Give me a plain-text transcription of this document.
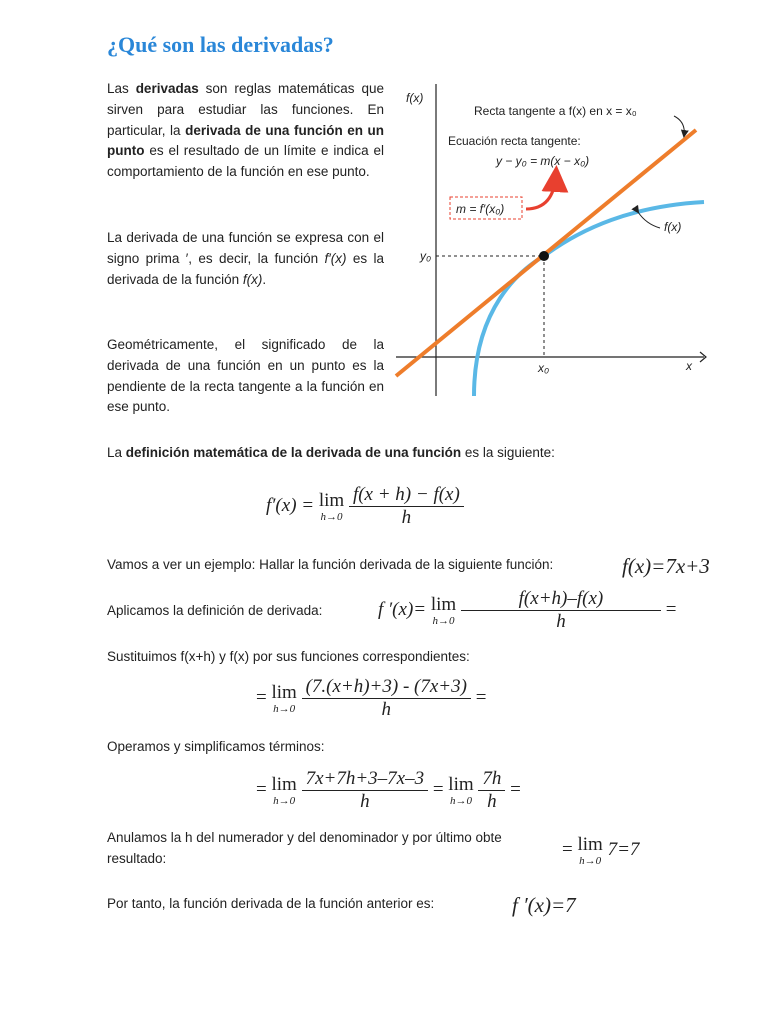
¿Qué son las derivadas?
Las derivadas son reglas matemáticas que sirven para estudiar las funciones. En particular, la derivada de una función en un punto es el resultado de un límite e indica el comportamiento de la función en ese punto.
La derivada de una función se expresa con el signo prima ′, es decir, la función f′(x) es la derivada de la función f(x).
Geométricamente, el significado de la derivada de una función en un punto es la pendiente de la recta tangente a la función en ese punto.
f(x)
Recta tangente a f(x) en x = x₀
Ecuación recta tangente:
y − y₀ = m(x − x₀)
m = f′(x₀)
f(x)
y₀
x₀	x
La definición matemática de la derivada de una función es la siguiente:
f′(x) = lim
h→0
$\frac{f(x + h) - f(x)}{h}$
Vamos a ver un ejemplo: Hallar la función derivada de la siguiente función:	f(x)=7x+3
Aplicamos la definición de derivada:	f ′(x)= lim
h→0
$\frac{f(x+h)-f(x)}{h}$ =
Sustituimos f(x+h) y f(x) por sus funciones correspondientes:
= lim
h→0
$\frac{(7.(x+h)+3) - (7x+3)}{h}$ =
Operamos y simplificamos términos:
= lim
h→0
$\frac{7x+7h+3-7x-3}{h} = \lim$
h→0
$\frac{7h}{h}$ =
Anulamos la h del numerador y del denominador y por último obte
resultado:	= lim
h→0
7=7
Por tanto, la función derivada de la función anterior es:	f ′(x)=7
